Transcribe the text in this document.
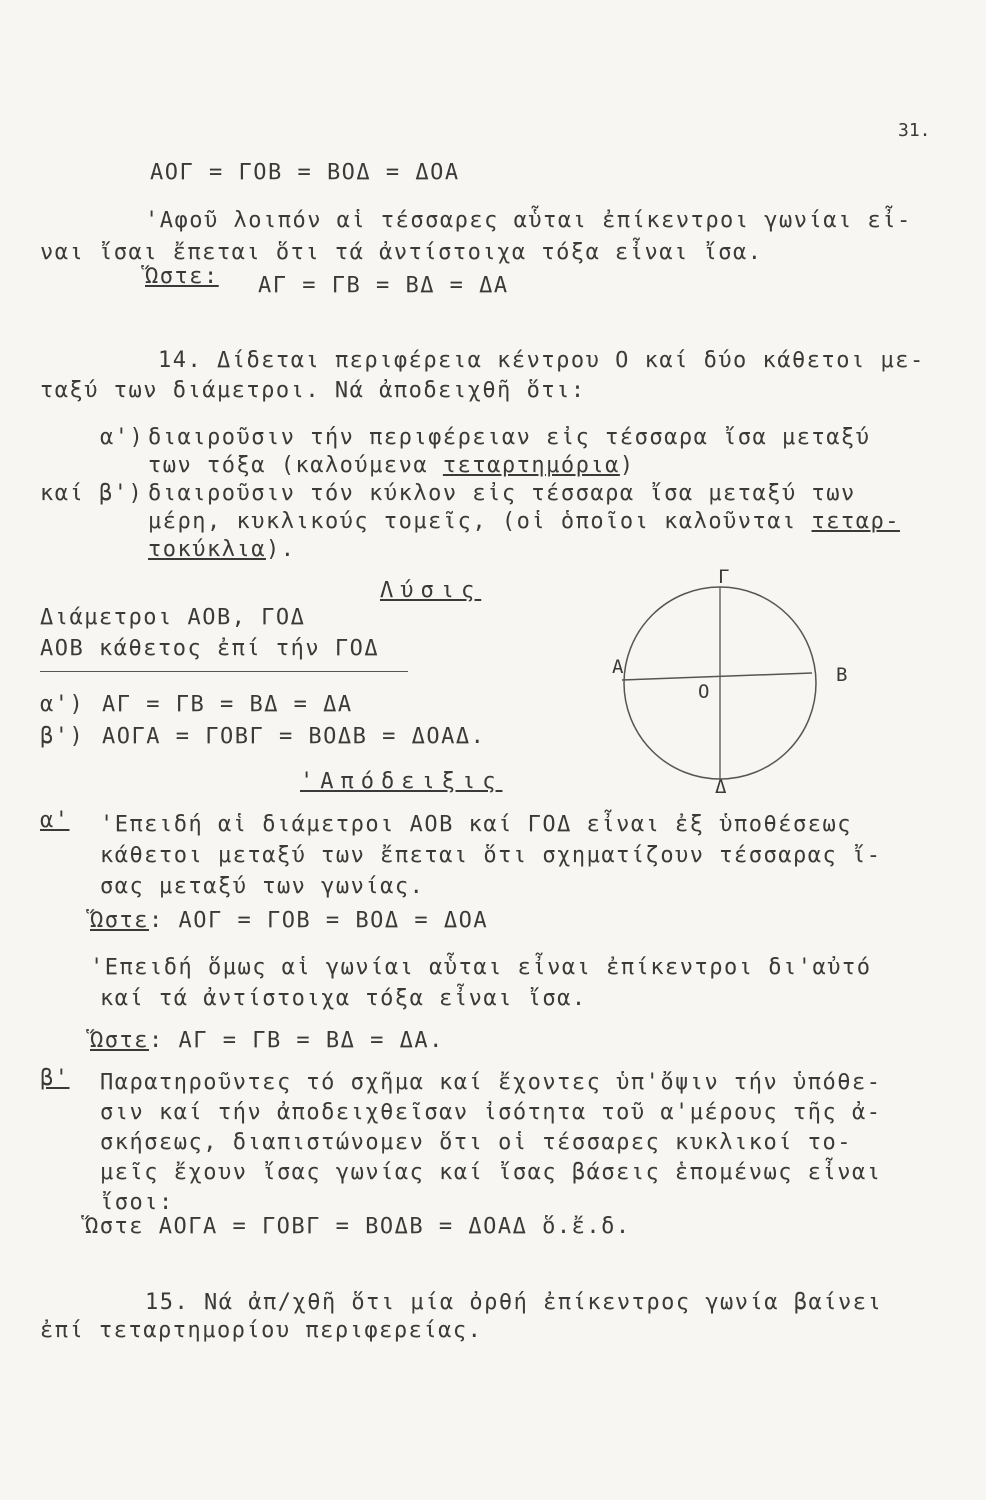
31.
ΑΟΓ = ΓΟΒ = ΒΟΔ = ΔΟΑ
'Αφοῦ λοιπόν αἱ τέσσαρες αὗται ἐπίκεντροι γωνίαι εἶ-
ναι ἴσαι ἔπεται ὅτι τά ἀντίστοιχα τόξα εἶναι ἴσα.
Ὥστε: ΑΓ = ΓΒ = ΒΔ = ΔΑ
14. Δίδεται περιφέρεια κέντρου Ο καί δύο κάθετοι με-
ταξύ των διάμετροι. Νά ἀποδειχθῆ ὅτι:
α') διαιροῦσιν τήν περιφέρειαν εἰς τέσσαρα ἴσα μεταξύ
των τόξα (καλούμενα τεταρτημόρια)
καί β') διαιροῦσιν τόν κύκλον εἰς τέσσαρα ἴσα μεταξύ των
μέρη, κυκλικούς τομεῖς, (οἱ ὁποῖοι καλοῦνται τεταρ-
τοκύκλια).
Λύσις
Διάμετροι ΑΟΒ, ΓΟΔ
ΑΟΒ κάθετος ἐπί τήν ΓΟΔ
α') ΑΓ = ΓΒ = ΒΔ = ΔΑ
β') ΑΟΓΑ = ΓΟΒΓ = ΒΟΔΒ = ΔΟΑΔ.
Γ
Α	Β
Ο
Δ
'Απόδειξις
α' 'Επειδή αἱ διάμετροι ΑΟΒ καί ΓΟΔ εἶναι ἐξ ὑποθέσεως
κάθετοι μεταξύ των ἔπεται ὅτι σχηματίζουν τέσσαρας ἴ-
σας μεταξύ των γωνίας.
Ὥστε: ΑΟΓ = ΓΟΒ = ΒΟΔ = ΔΟΑ
'Επειδή ὅμως αἱ γωνίαι αὗται εἶναι ἐπίκεντροι δι'αὐτό
καί τά ἀντίστοιχα τόξα εἶναι ἴσα.
Ὥστε: ΑΓ = ΓΒ = ΒΔ = ΔΑ.
β' Παρατηροῦντες τό σχῆμα καί ἔχοντες ὑπ'ὄψιν τήν ὑπόθε-
σιν καί τήν ἀποδειχθεῖσαν ἰσότητα τοῦ α'μέρους τῆς ἀ-
σκήσεως, διαπιστώνομεν ὅτι οἱ τέσσαρες κυκλικοί το-
μεῖς ἔχουν ἴσας γωνίας καί ἴσας βάσεις ἑπομένως εἶναι
ἴσοι:
Ὥστε ΑΟΓΑ = ΓΟΒΓ = ΒΟΔΒ = ΔΟΑΔ ὅ.ἔ.δ.
15. Νά ἀπ/χθῆ ὅτι μία ὀρθή ἐπίκεντρος γωνία βαίνει
ἐπί τεταρτημορίου περιφερείας.
